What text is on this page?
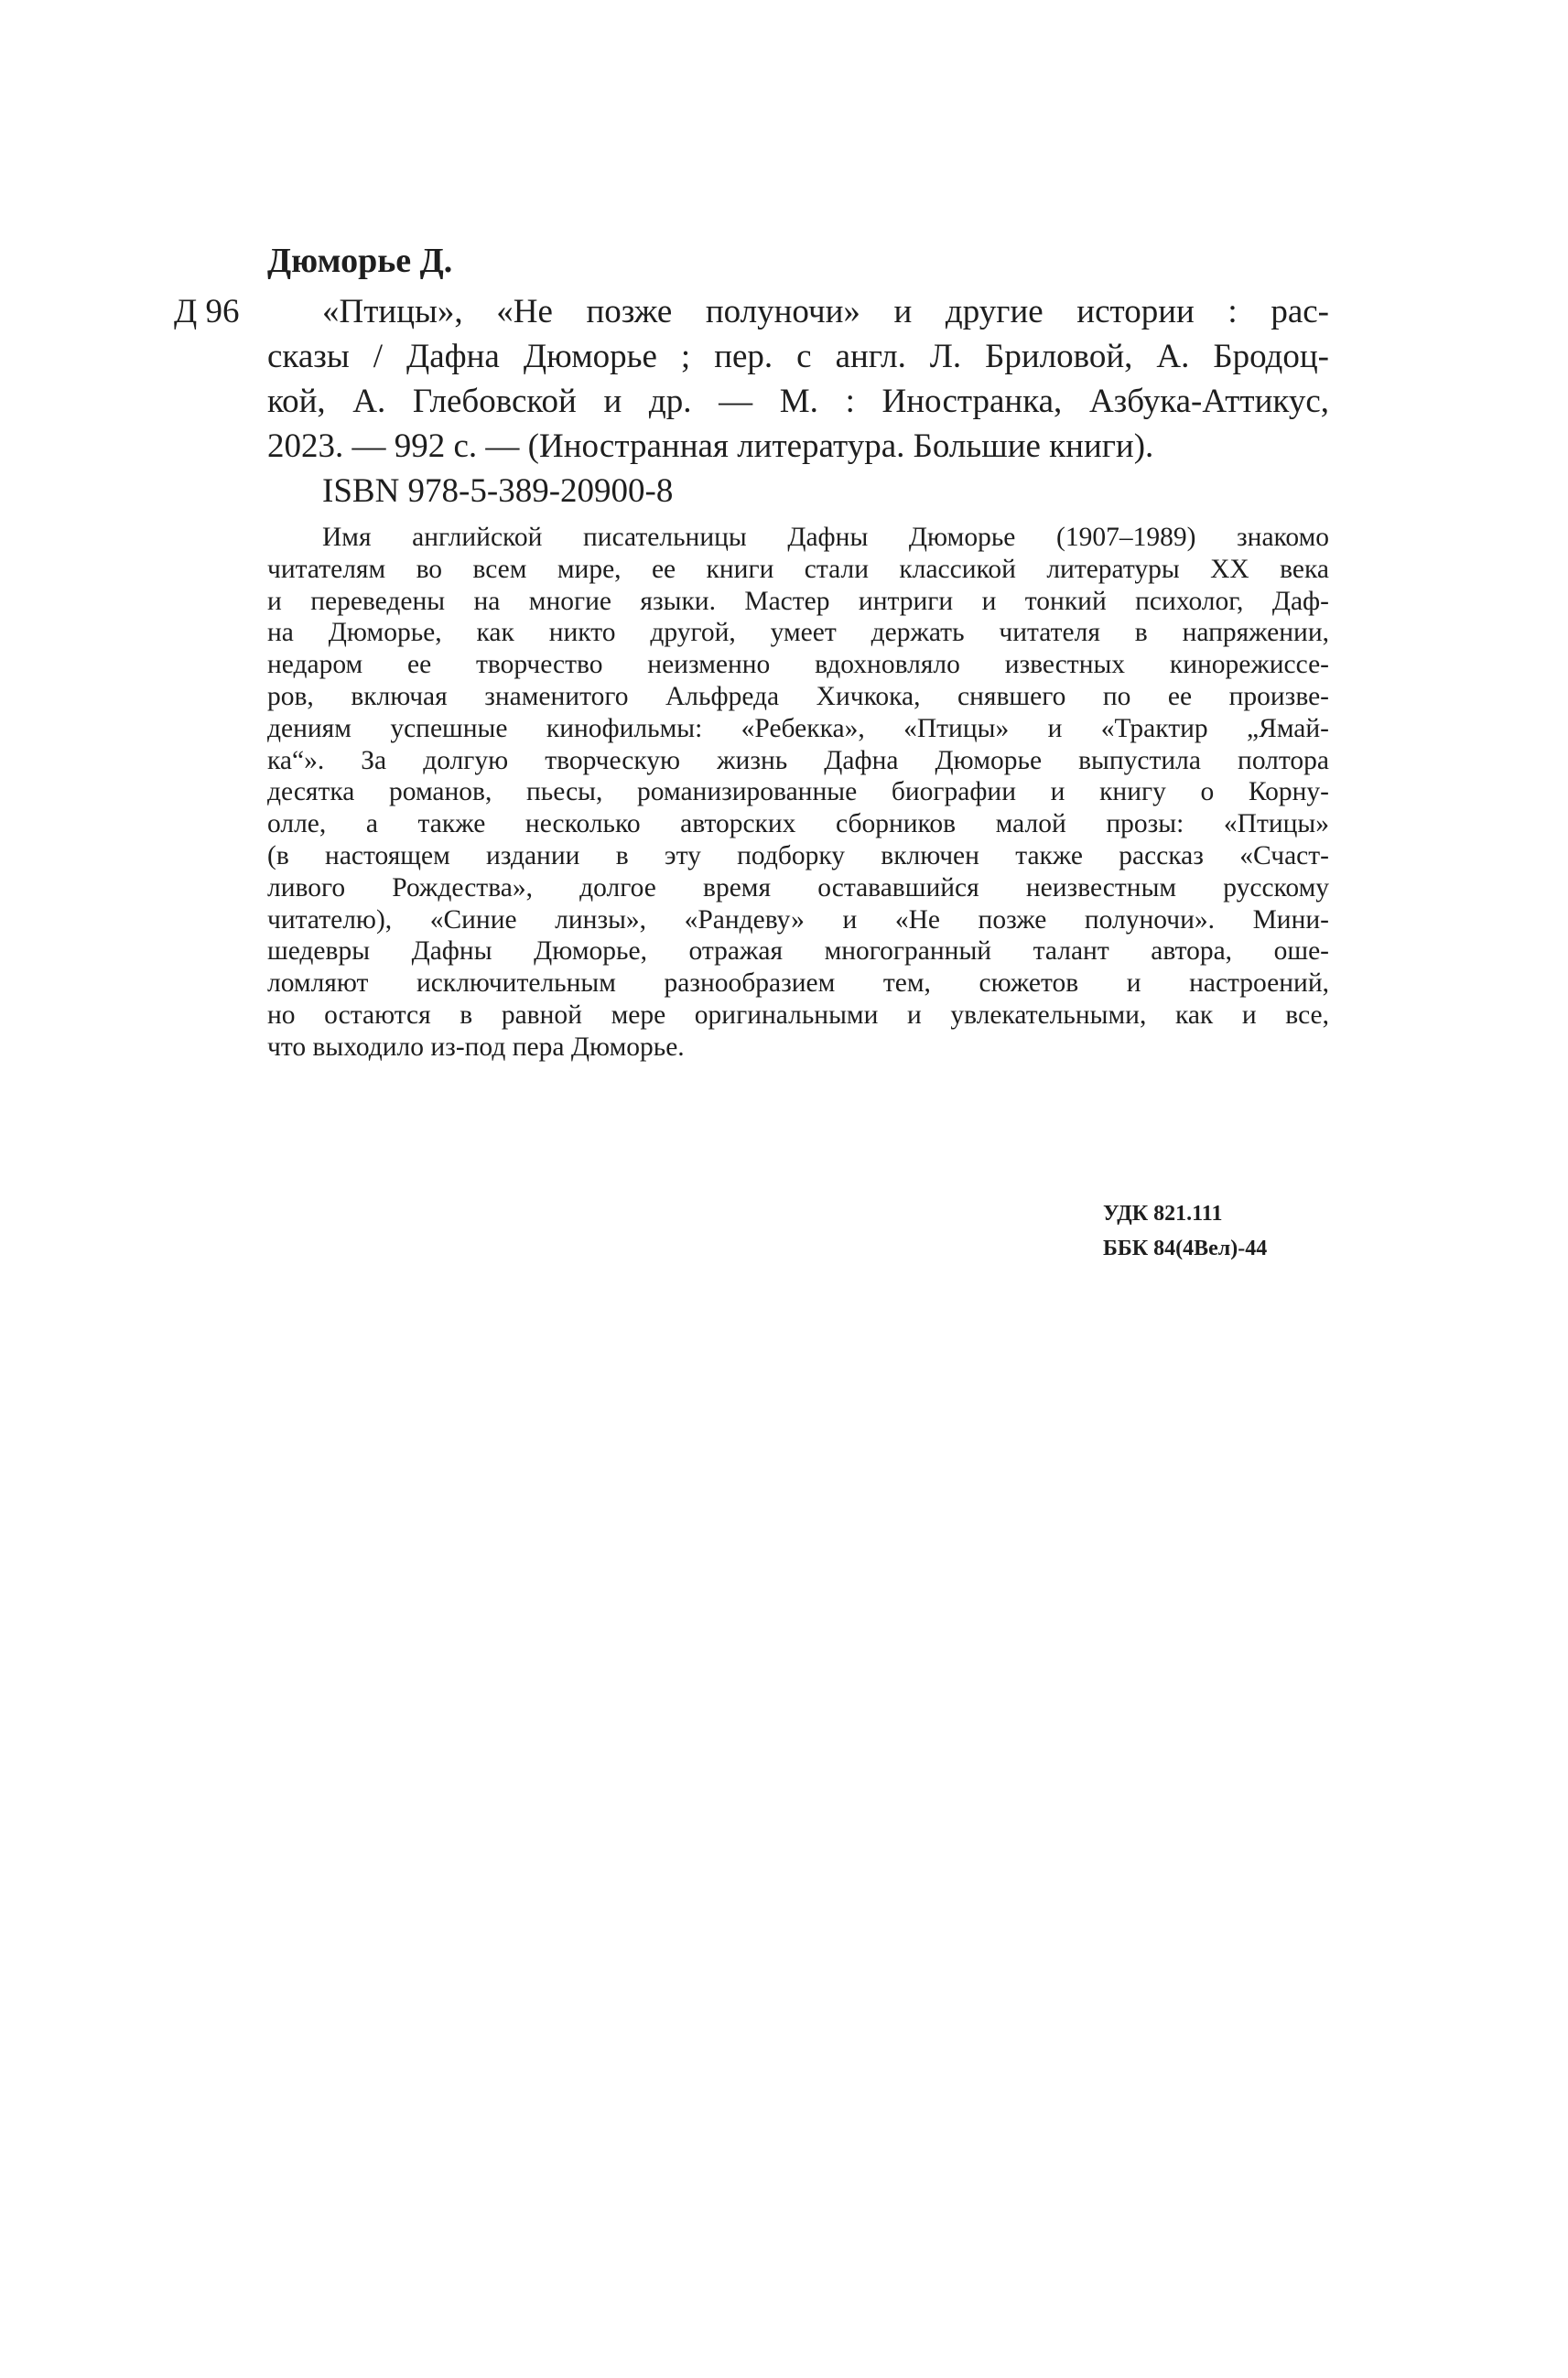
Дюморье Д.
Д 96	«Птицы», «Не позже полуночи» и другие истории : рас-
сказы / Дафна Дюморье ; пер. с англ. Л. Бриловой, А. Бродоц-
кой, А. Глебовской и др. — М. : Иностранка, Азбука-Аттикус,
2023. — 992 с. — (Иностранная литература. Большие книги).
ISBN 978-5-389-20900-8
Имя английской писательницы Дафны Дюморье (1907–1989) знакомо
читателям во всем мире, ее книги стали классикой литературы XX века
и переведены на многие языки. Мастер интриги и тонкий психолог, Даф-
на Дюморье, как никто другой, умеет держать читателя в напряжении,
недаром ее творчество неизменно вдохновляло известных кинорежиссе-
ров, включая знаменитого Альфреда Хичкока, снявшего по ее произве-
дениям успешные кинофильмы: «Ребекка», «Птицы» и «Трактир „Ямай-
ка“». За долгую творческую жизнь Дафна Дюморье выпустила полтора
десятка романов, пьесы, романизированные биографии и книгу о Корну-
олле, а также несколько авторских сборников малой прозы: «Птицы»
(в настоящем издании в эту подборку включен также рассказ «Счаст-
ливого Рождества», долгое время остававшийся неизвестным русскому
читателю), «Синие линзы», «Рандеву» и «Не позже полуночи». Мини-
шедевры Дафны Дюморье, отражая многогранный талант автора, оше-
ломляют исключительным разнообразием тем, сюжетов и настроений,
но остаются в равной мере оригинальными и увлекательными, как и все,
что выходило из-под пера Дюморье.
УДК 821.111
ББК 84(4Вел)-44
